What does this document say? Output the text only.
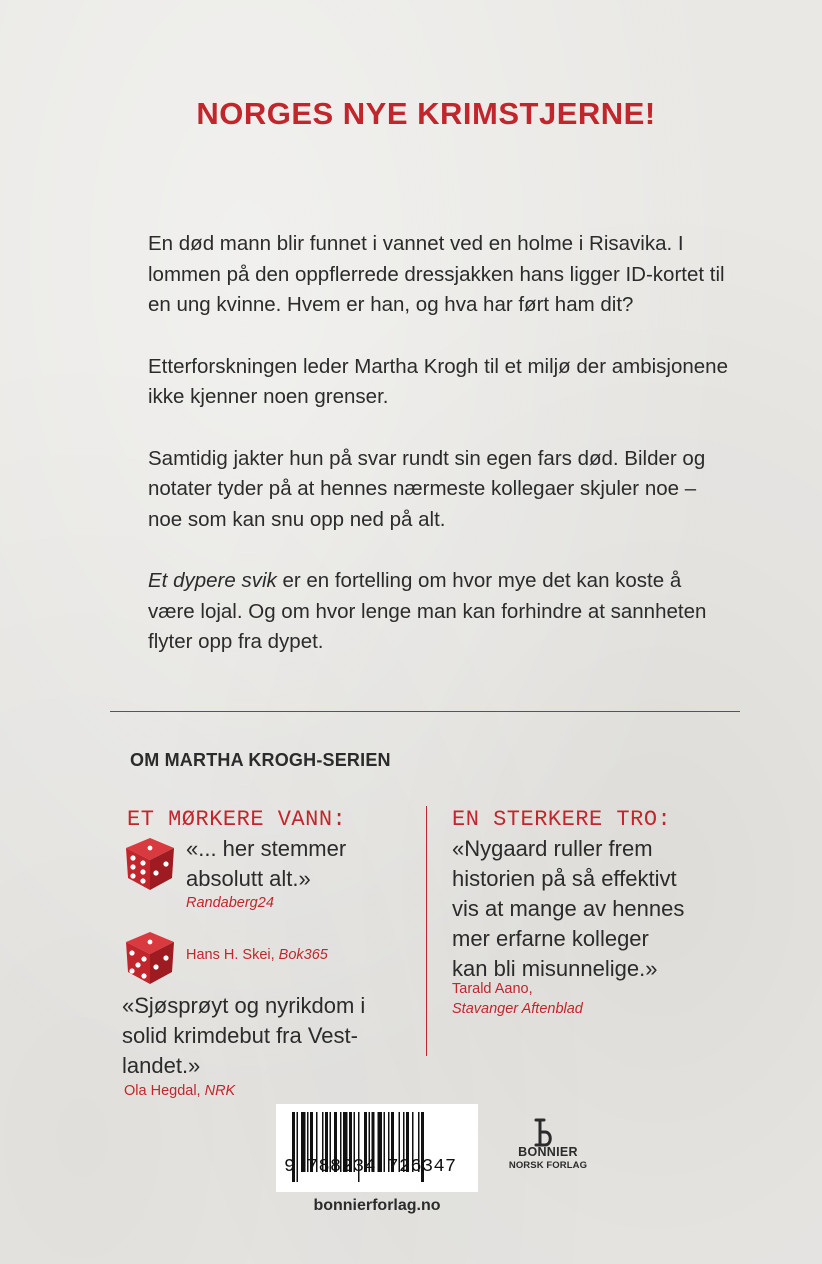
NORGES NYE KRIMSTJERNE!

En død mann blir funnet i vannet ved en holme i Risavika. I lommen på den oppflerrede dressjakken hans ligger ID-kortet til en ung kvinne. Hvem er han, og hva har ført ham dit?

Etterforskningen leder Martha Krogh til et miljø der ambisjonene ikke kjenner noen grenser.

Samtidig jakter hun på svar rundt sin egen fars død. Bilder og notater tyder på at hennes nærmeste kollegaer skjuler noe – noe som kan snu opp ned på alt.

Et dypere svik er en fortelling om hvor mye det kan koste å være lojal. Og om hvor lenge man kan forhindre at sannheten flyter opp fra dypet.

OM MARTHA KROGH-SERIEN
ET MØRKERE VANN:
«... her stemmer
absolutt alt.»
Randaberg24
Hans H. Skei, Bok365
«Sjøsprøyt og nyrikdom i
solid krimdebut fra Vest-
landet.»
Ola Hegdal, NRK
EN STERKERE TRO:
«Nygaard ruller frem
historien på så effektivt
vis at mange av hennes
mer erfarne kolleger
kan bli misunnelige.»
Tarald Aano,
Stavanger Aftenblad
9 788234 726347
bonnierforlag.no
BONNIER
NORSK FORLAG
